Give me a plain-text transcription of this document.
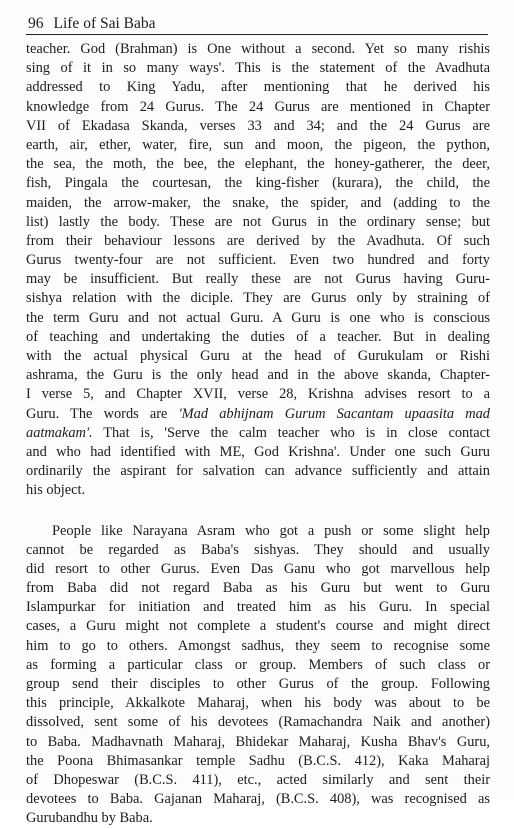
96 Life of Sai Baba
teacher. God (Brahman) is One without a second. Yet so many rishis
sing of it in so many ways'. This is the statement of the Avadhuta
addressed to King Yadu, after mentioning that he derived his
knowledge from 24 Gurus. The 24 Gurus are mentioned in Chapter
VII of Ekadasa Skanda, verses 33 and 34; and the 24 Gurus are
earth, air, ether, water, fire, sun and moon, the pigeon, the python,
the sea, the moth, the bee, the elephant, the honey-gatherer, the deer,
fish, Pingala the courtesan, the king-fisher (kurara), the child, the
maiden, the arrow-maker, the snake, the spider, and (adding to the
list) lastly the body. These are not Gurus in the ordinary sense; but
from their behaviour lessons are derived by the Avadhuta. Of such
Gurus twenty-four are not sufficient. Even two hundred and forty
may be insufficient. But really these are not Gurus having Guru-
sishya relation with the diciple. They are Gurus only by straining of
the term Guru and not actual Guru. A Guru is one who is conscious
of teaching and undertaking the duties of a teacher. But in dealing
with the actual physical Guru at the head of Gurukulam or Rishi
ashrama, the Guru is the only head and in the above skanda, Chapter-
I verse 5, and Chapter XVII, verse 28, Krishna advises resort to a
Guru. The words are 'Mad abhijnam Gurum Sacantam upaasita mad
aatmakam'. That is, 'Serve the calm teacher who is in close contact
and who had identified with ME, God Krishna'. Under one such Guru
ordinarily the aspirant for salvation can advance sufficiently and attain
his object.
People like Narayana Asram who got a push or some slight help
cannot be regarded as Baba's sishyas. They should and usually
did resort to other Gurus. Even Das Ganu who got marvellous help
from Baba did not regard Baba as his Guru but went to Guru
Islampurkar for initiation and treated him as his Guru. In special
cases, a Guru might not complete a student's course and might direct
him to go to others. Amongst sadhus, they seem to recognise some
as forming a particular class or group. Members of such class or
group send their disciples to other Gurus of the group. Following
this principle, Akkalkote Maharaj, when his body was about to be
dissolved, sent some of his devotees (Ramachandra Naik and another)
to Baba. Madhavnath Maharaj, Bhidekar Maharaj, Kusha Bhav's Guru,
the Poona Bhimasankar temple Sadhu (B.C.S. 412), Kaka Maharaj
of Dhopeswar (B.C.S. 411), etc., acted similarly and sent their
devotees to Baba. Gajanan Maharaj, (B.C.S. 408), was recognised as
Gurubandhu by Baba.
